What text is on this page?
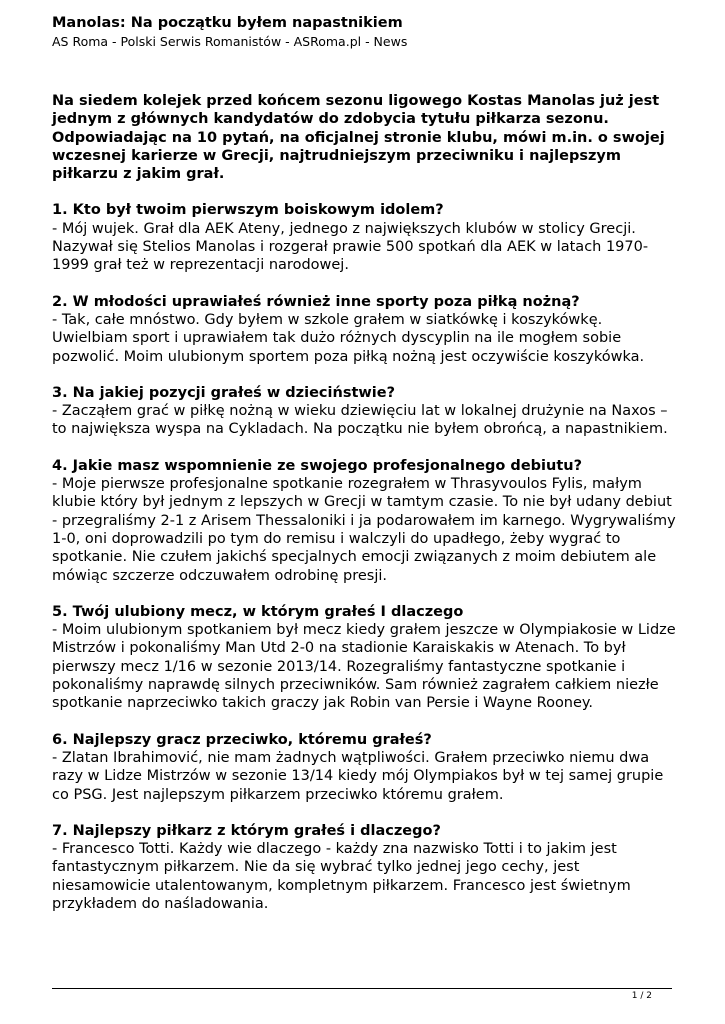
Manolas: Na początku byłem napastnikiem

AS Roma - Polski Serwis Romanistów - ASRoma.pl - News

Na siedem kolejek przed końcem sezonu ligowego Kostas Manolas już jest jednym z głównych kandydatów do zdobycia tytułu piłkarza sezonu. Odpowiadając na 10 pytań, na oficjalnej stronie klubu, mówi m.in. o swojej wczesnej karierze w Grecji, najtrudniejszym przeciwniku i najlepszym piłkarzu z jakim grał.

1. Kto był twoim pierwszym boiskowym idolem?

- Mój wujek. Grał dla AEK Ateny, jednego z największych klubów w stolicy Grecji. Nazywał się Stelios Manolas i rozgerał prawie 500 spotkań dla AEK w latach 1970-1999 grał też w reprezentacji narodowej.

2. W młodości uprawiałeś również inne sporty poza piłką nożną?

- Tak, całe mnóstwo. Gdy byłem w szkole grałem w siatkówkę i koszykówkę. Uwielbiam sport i uprawiałem tak dużo różnych dyscyplin na ile mogłem sobie pozwolić. Moim ulubionym sportem poza piłką nożną jest oczywiście koszykówka.

3. Na jakiej pozycji grałeś w dzieciństwie?

- Zacząłem grać w piłkę nożną w wieku dziewięciu lat w lokalnej drużynie na Naxos – to największa wyspa na Cykladach. Na początku nie byłem obrońcą, a napastnikiem.

4. Jakie masz wspomnienie ze swojego profesjonalnego debiutu?

- Moje pierwsze profesjonalne spotkanie rozegrałem w Thrasyvoulos Fylis, małym klubie który był jednym z lepszych w Grecji w tamtym czasie. To nie był udany debiut - przegraliśmy 2-1 z Arisem Thessaloniki i ja podarowałem im karnego. Wygrywaliśmy 1-0, oni doprowadzili po tym do remisu i walczyli do upadłego, żeby wygrać to spotkanie. Nie czułem jakichś specjalnych emocji związanych z moim debiutem ale mówiąc szczerze odczuwałem odrobinę presji.

5. Twój ulubiony mecz, w którym grałeś I dlaczego

- Moim ulubionym spotkaniem był mecz kiedy grałem jeszcze w Olympiakosie w Lidze Mistrzów i pokonaliśmy Man Utd 2-0 na stadionie Karaiskakis w Atenach. To był pierwszy mecz 1/16 w sezonie 2013/14. Rozegraliśmy fantastyczne spotkanie i pokonaliśmy naprawdę silnych przeciwników. Sam również zagrałem całkiem niezłe spotkanie naprzeciwko takich graczy jak Robin van Persie i Wayne Rooney.

6. Najlepszy gracz przeciwko, któremu grałeś?

- Zlatan Ibrahimović, nie mam żadnych wątpliwości. Grałem przeciwko niemu dwa razy w Lidze Mistrzów w sezonie 13/14 kiedy mój Olympiakos był w tej samej grupie co PSG. Jest najlepszym piłkarzem przeciwko któremu grałem.

7. Najlepszy piłkarz z którym grałeś i dlaczego?

- Francesco Totti. Każdy wie dlaczego - każdy zna nazwisko Totti i to jakim jest fantastycznym piłkarzem. Nie da się wybrać tylko jednej jego cechy, jest niesamowicie utalentowanym, kompletnym piłkarzem. Francesco jest świetnym przykładem do naśladowania.

1 / 2
